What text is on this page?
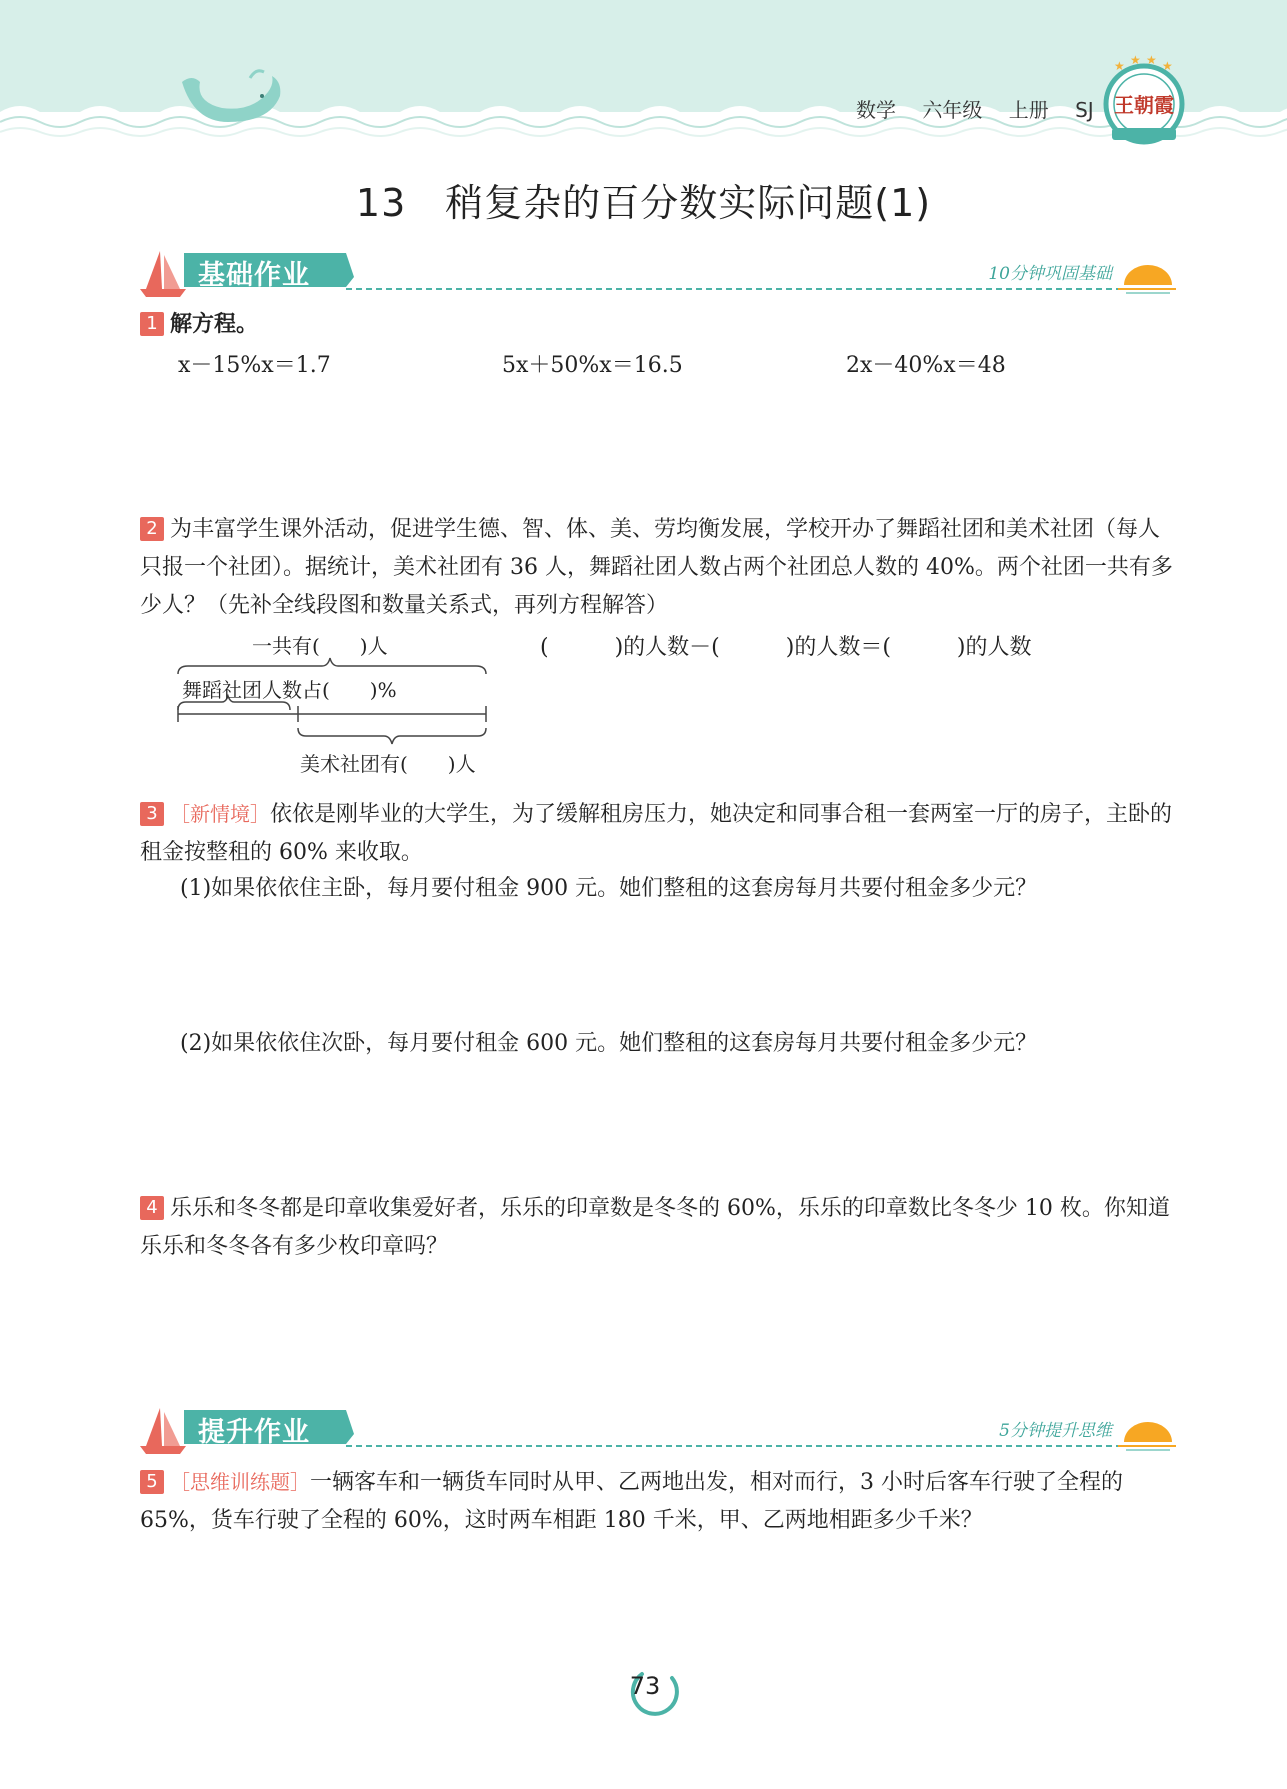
数学 六年级 上册 SJ
★ ★ ★ ★
王朝霞
13　稍复杂的百分数实际问题(1)
基础作业	10分钟巩固基础
1 解方程。
x－15%x＝1.7	5x＋50%x＝16.5	2x－40%x＝48
2 为丰富学生课外活动，促进学生德、智、体、美、劳均衡发展，学校开办了舞蹈社团和美术社团（每人只报一个社团）。据统计，美术社团有 36 人，舞蹈社团人数占两个社团总人数的 40%。两个社团一共有多少人？（先补全线段图和数量关系式，再列方程解答）
一共有(　　)人
舞蹈社团人数占(　　)%
美术社团有(　　)人
(　　　)的人数－(　　　)的人数＝(　　　)的人数
3 ［新情境］依依是刚毕业的大学生，为了缓解租房压力，她决定和同事合租一套两室一厅的房子，主卧的租金按整租的 60% 来收取。
(1)如果依依住主卧，每月要付租金 900 元。她们整租的这套房每月共要付租金多少元？
(2)如果依依住次卧，每月要付租金 600 元。她们整租的这套房每月共要付租金多少元？
4 乐乐和冬冬都是印章收集爱好者，乐乐的印章数是冬冬的 60%，乐乐的印章数比冬冬少 10 枚。你知道乐乐和冬冬各有多少枚印章吗？
提升作业	5分钟提升思维
5 ［思维训练题］一辆客车和一辆货车同时从甲、乙两地出发，相对而行，3 小时后客车行驶了全程的 65%，货车行驶了全程的 60%，这时两车相距 180 千米，甲、乙两地相距多少千米？
73
